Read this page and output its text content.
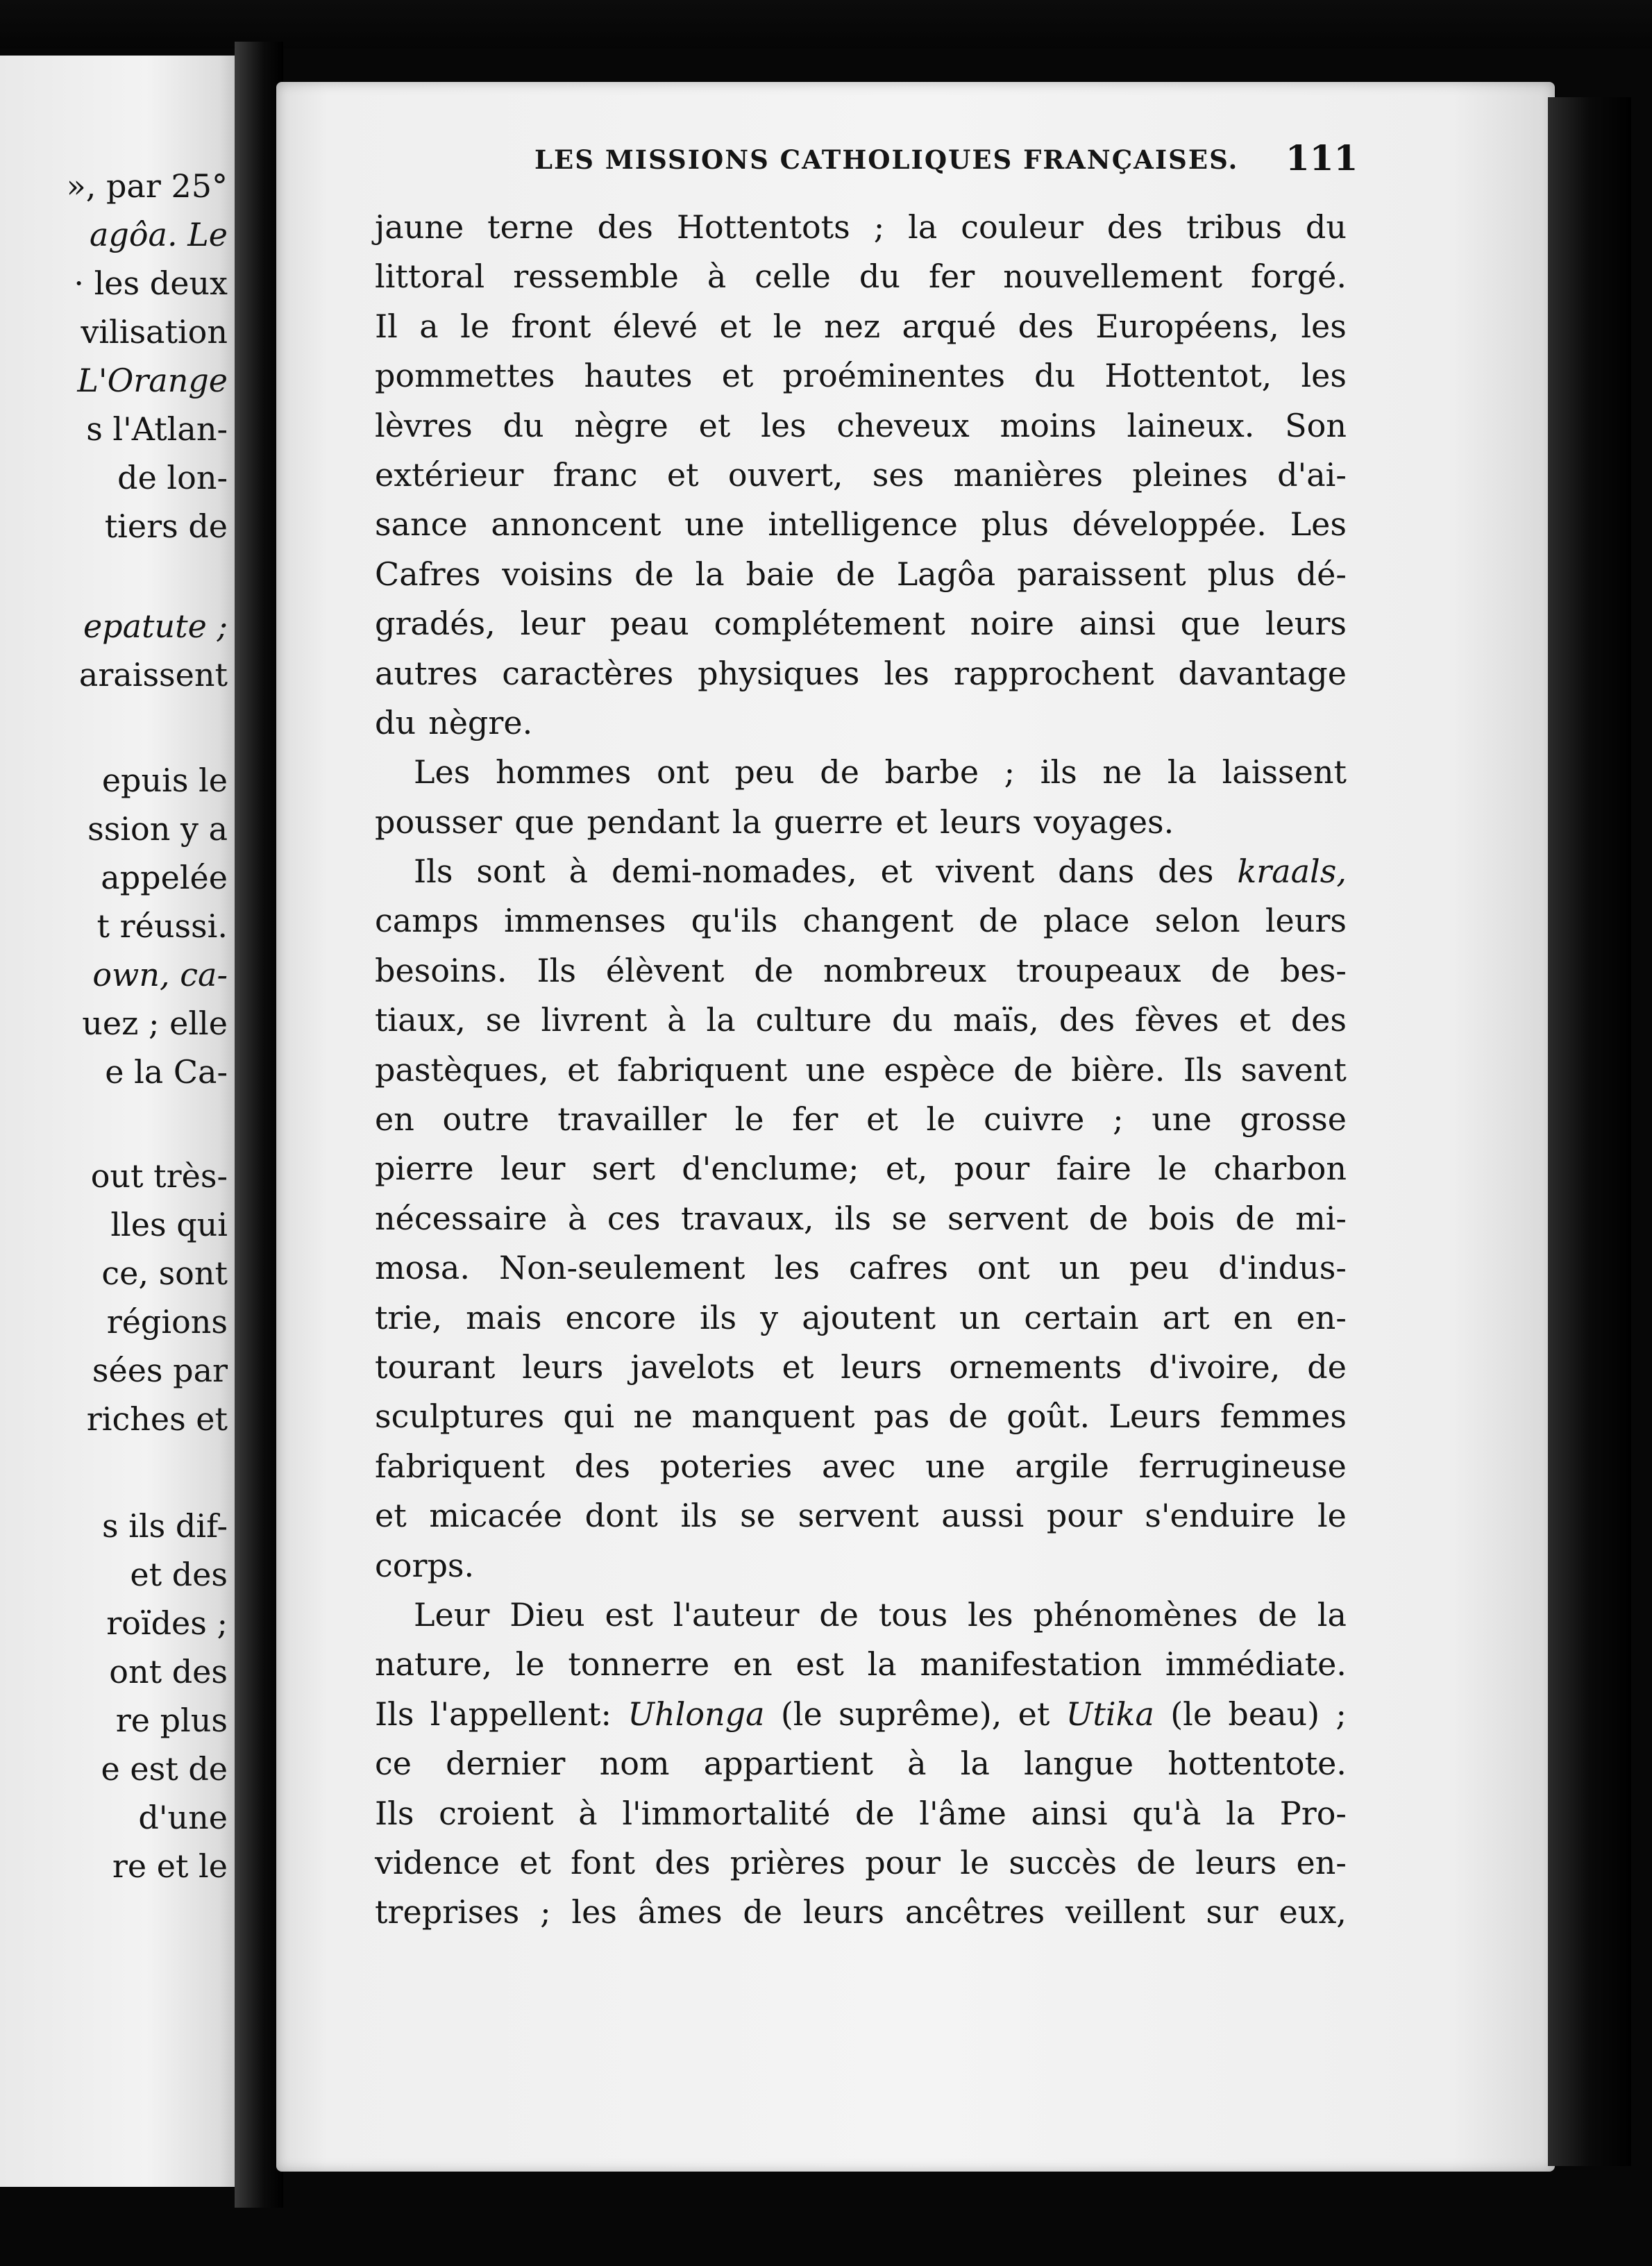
», par 25°
agôa. Le
· les deux
vilisation
L'Orange
s l'Atlan-
de lon-
tiers de
epatute ;
araissent
epuis le
ssion y a
appelée
t réussi.
own, ca-
uez ; elle
e la Ca-
out très-
lles qui
ce, sont
régions
sées par
riches et
s ils dif-
et des
roïdes ;
ont des
re plus
e est de
d'une
re et le
LES MISSIONS CATHOLIQUES FRANÇAISES. 111
jaune terne des Hottentots ; la couleur des tribus du
littoral ressemble à celle du fer nouvellement forgé.
Il a le front élevé et le nez arqué des Européens, les
pommettes hautes et proéminentes du Hottentot, les
lèvres du nègre et les cheveux moins laineux. Son
extérieur franc et ouvert, ses manières pleines d'ai-
sance annoncent une intelligence plus développée. Les
Cafres voisins de la baie de Lagôa paraissent plus dé-
gradés, leur peau complétement noire ainsi que leurs
autres caractères physiques les rapprochent davantage
du nègre.
Les hommes ont peu de barbe ; ils ne la laissent
pousser que pendant la guerre et leurs voyages.
Ils sont à demi-nomades, et vivent dans des kraals,
camps immenses qu'ils changent de place selon leurs
besoins. Ils élèvent de nombreux troupeaux de bes-
tiaux, se livrent à la culture du maïs, des fèves et des
pastèques, et fabriquent une espèce de bière. Ils savent
en outre travailler le fer et le cuivre ; une grosse
pierre leur sert d'enclume; et, pour faire le charbon
nécessaire à ces travaux, ils se servent de bois de mi-
mosa. Non-seulement les cafres ont un peu d'indus-
trie, mais encore ils y ajoutent un certain art en en-
tourant leurs javelots et leurs ornements d'ivoire, de
sculptures qui ne manquent pas de goût. Leurs femmes
fabriquent des poteries avec une argile ferrugineuse
et micacée dont ils se servent aussi pour s'enduire le
corps.
Leur Dieu est l'auteur de tous les phénomènes de la
nature, le tonnerre en est la manifestation immédiate.
Ils l'appellent: Uhlonga (le suprême), et Utika (le beau) ;
ce dernier nom appartient à la langue hottentote.
Ils croient à l'immortalité de l'âme ainsi qu'à la Pro-
vidence et font des prières pour le succès de leurs en-
treprises ; les âmes de leurs ancêtres veillent sur eux,
